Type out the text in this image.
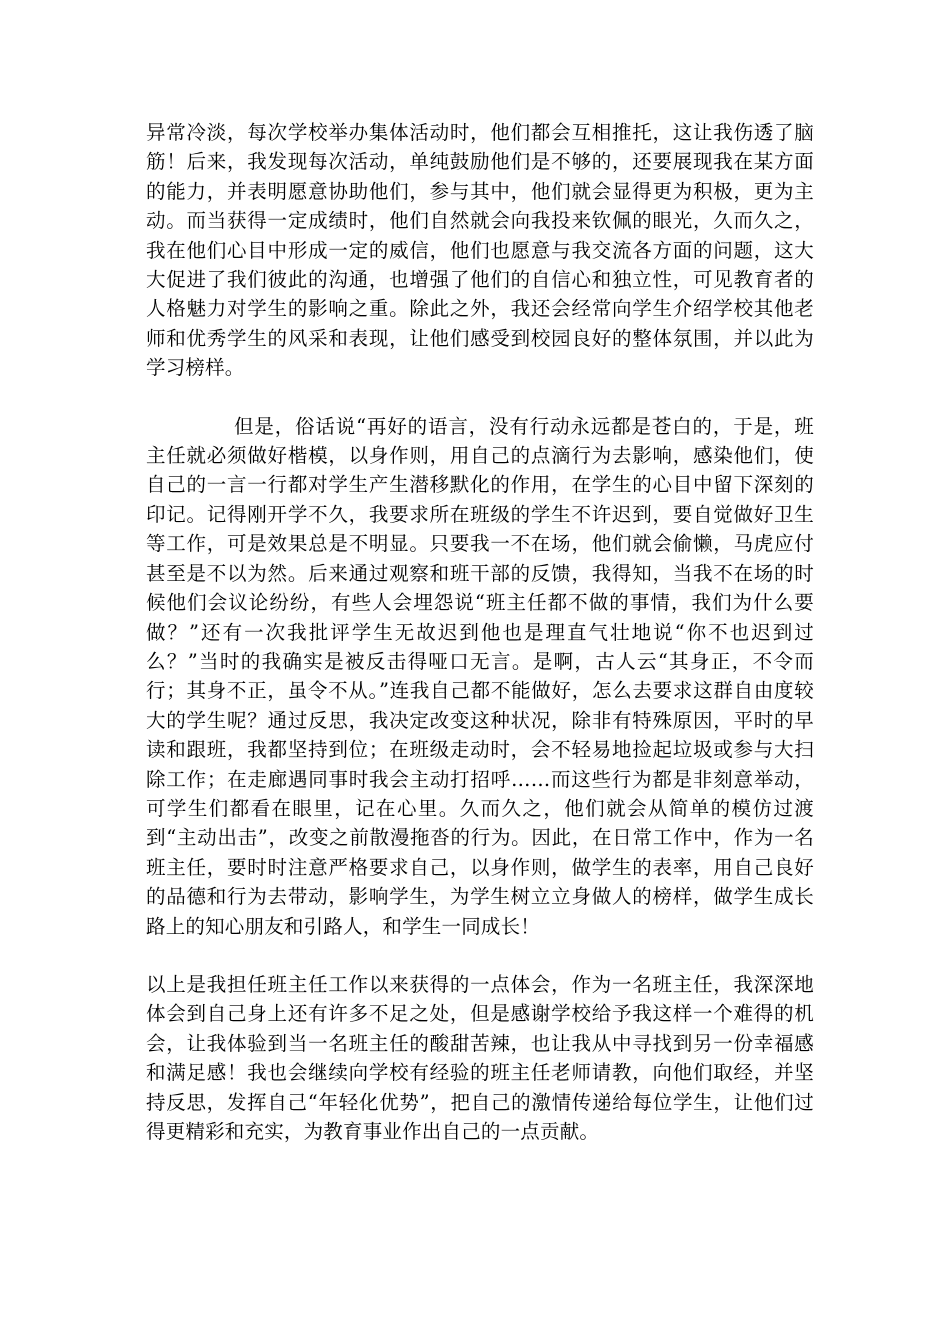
异常冷淡，每次学校举办集体活动时，他们都会互相推托，这让我伤透了脑筋！后来，我发现每次活动，单纯鼓励他们是不够的，还要展现我在某方面的能力，并表明愿意协助他们，参与其中，他们就会显得更为积极，更为主动。而当获得一定成绩时，他们自然就会向我投来钦佩的眼光，久而久之，我在他们心目中形成一定的威信，他们也愿意与我交流各方面的问题，这大大促进了我们彼此的沟通，也增强了他们的自信心和独立性，可见教育者的人格魅力对学生的影响之重。除此之外，我还会经常向学生介绍学校其他老师和优秀学生的风采和表现，让他们感受到校园良好的整体氛围，并以此为学习榜样。

但是，俗话说“再好的语言，没有行动永远都是苍白的，于是，班主任就必须做好楷模，以身作则，用自己的点滴行为去影响，感染他们，使自己的一言一行都对学生产生潜移默化的作用，在学生的心目中留下深刻的印记。记得刚开学不久，我要求所在班级的学生不许迟到，要自觉做好卫生等工作，可是效果总是不明显。只要我一不在场，他们就会偷懒，马虎应付甚至是不以为然。后来通过观察和班干部的反馈，我得知，当我不在场的时候他们会议论纷纷，有些人会埋怨说“班主任都不做的事情，我们为什么要做？”还有一次我批评学生无故迟到他也是理直气壮地说“你不也迟到过么？”当时的我确实是被反击得哑口无言。是啊，古人云“其身正，不令而行；其身不正，虽令不从。”连我自己都不能做好，怎么去要求这群自由度较大的学生呢？通过反思，我决定改变这种状况，除非有特殊原因，平时的早读和跟班，我都坚持到位；在班级走动时，会不轻易地捡起垃圾或参与大扫除工作；在走廊遇同事时我会主动打招呼……而这些行为都是非刻意举动，可学生们都看在眼里，记在心里。久而久之，他们就会从简单的模仿过渡到“主动出击”，改变之前散漫拖沓的行为。因此，在日常工作中，作为一名班主任，要时时注意严格要求自己，以身作则，做学生的表率，用自己良好的品德和行为去带动，影响学生，为学生树立立身做人的榜样，做学生成长路上的知心朋友和引路人，和学生一同成长！

以上是我担任班主任工作以来获得的一点体会，作为一名班主任，我深深地体会到自己身上还有许多不足之处，但是感谢学校给予我这样一个难得的机会，让我体验到当一名班主任的酸甜苦辣，也让我从中寻找到另一份幸福感和满足感！我也会继续向学校有经验的班主任老师请教，向他们取经，并坚持反思，发挥自己“年轻化优势”，把自己的激情传递给每位学生，让他们过得更精彩和充实，为教育事业作出自己的一点贡献。
